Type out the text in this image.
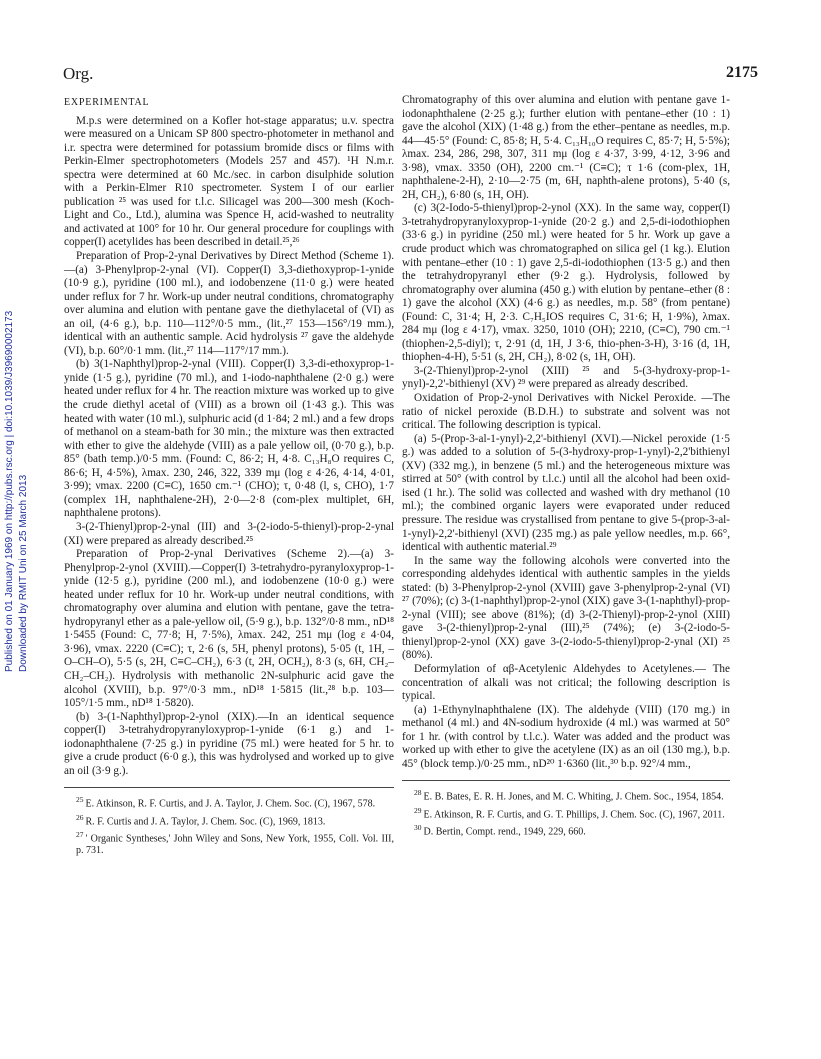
Org.	2175
Published on 01 January 1969 on http://pubs.rsc.org | doi:10.1039/J39690002173 Downloaded by RMIT Uni on 25 March 2013
EXPERIMENTAL

M.p.s were determined on a Kofler hot-stage apparatus; u.v. spectra were measured on a Unicam SP 800 spectro-photometer in methanol and i.r. spectra were determined for potassium bromide discs or films with Perkin-Elmer spectrophotometers (Models 257 and 457). ¹H N.m.r. spectra were determined at 60 Mc./sec. in carbon disulphide solution with a Perkin-Elmer R10 spectrometer. System I of our earlier publication ²⁵ was used for t.l.c. Silicagel was 200—300 mesh (Koch-Light and Co., Ltd.), alumina was Spence H, acid-washed to neutrality and activated at 100° for 10 hr. Our general procedure for couplings with copper(I) acetylides has been described in detail.²⁵,²⁶

Preparation of Prop-2-ynal Derivatives by Direct Method (Scheme 1).—(a) 3-Phenylprop-2-ynal (VI). Copper(I) 3,3-diethoxyprop-1-ynide (10·9 g.), pyridine (100 ml.), and iodobenzene (11·0 g.) were heated under reflux for 7 hr. Work-up under neutral conditions, chromatography over alumina and elution with pentane gave the diethylacetal of (VI) as an oil, (4·6 g.), b.p. 110—112°/0·5 mm., (lit.,²⁷ 153—156°/19 mm.), identical with an authentic sample. Acid hydrolysis ²⁷ gave the aldehyde (VI), b.p. 60°/0·1 mm. (lit.,²⁷ 114—117°/17 mm.).

(b) 3(1-Naphthyl)prop-2-ynal (VIII). Copper(I) 3,3-di-ethoxyprop-1-ynide (1·5 g.), pyridine (70 ml.), and 1-iodo-naphthalene (2·0 g.) were heated under reflux for 4 hr. The reaction mixture was worked up to give the crude diethyl acetal of (VIII) as a brown oil (1·43 g.). This was heated with water (10 ml.), sulphuric acid (d 1·84; 2 ml.) and a few drops of methanol on a steam-bath for 30 min.; the mixture was then extracted with ether to give the aldehyde (VIII) as a pale yellow oil, (0·70 g.), b.p. 85° (bath temp.)/0·5 mm. (Found: C, 86·2; H, 4·8. C₁₃H₈O requires C, 86·6; H, 4·5%), λmax. 230, 246, 322, 339 mμ (log ε 4·26, 4·14, 4·01, 3·99); νmax. 2200 (C≡C), 1650 cm.⁻¹ (CHO); τ, 0·48 (l, s, CHO), 1·7 (complex 1H, naphthalene-2H), 2·0—2·8 (com-plex multiplet, 6H, naphthalene protons).

3-(2-Thienyl)prop-2-ynal (III) and 3-(2-iodo-5-thienyl)-prop-2-ynal (XI) were prepared as already described.²⁵

Preparation of Prop-2-ynal Derivatives (Scheme 2).—(a) 3-Phenylprop-2-ynol (XVIII).—Copper(I) 3-tetrahydro-pyranyloxyprop-1-ynide (12·5 g.), pyridine (200 ml.), and iodobenzene (10·0 g.) were heated under reflux for 10 hr. Work-up under neutral conditions, with chromatography over alumina and elution with pentane, gave the tetra-hydropyranyl ether as a pale-yellow oil, (5·9 g.), b.p. 132°/0·8 mm., nD¹⁸ 1·5455 (Found: C, 77·8; H, 7·5%), λmax. 242, 251 mμ (log ε 4·04, 3·96), νmax. 2220 (C≡C); τ, 2·6 (s, 5H, phenyl protons), 5·05 (t, 1H, –O–CH–O), 5·5 (s, 2H, C≡C–CH₂), 6·3 (t, 2H, OCH₂), 8·3 (s, 6H, CH₂–CH₂–CH₂). Hydrolysis with methanolic 2N-sulphuric acid gave the alcohol (XVIII), b.p. 97°/0·3 mm., nD¹⁸ 1·5815 (lit.,²⁸ b.p. 103—105°/1·5 mm., nD¹⁸ 1·5820).

(b) 3-(1-Naphthyl)prop-2-ynol (XIX).—In an identical sequence copper(I) 3-tetrahydropyranyloxyprop-1-ynide (6·1 g.) and 1-iodonaphthalene (7·25 g.) in pyridine (75 ml.) were heated for 5 hr. to give a crude product (6·0 g.), this was hydrolysed and worked up to give an oil (3·9 g.).

$^{25}$ E. Atkinson, R. F. Curtis, and J. A. Taylor, J. Chem. Soc. (C), 1967, 578.

$^{26}$ R. F. Curtis and J. A. Taylor, J. Chem. Soc. (C), 1969, 1813.

$^{27}$ ' Organic Syntheses,' John Wiley and Sons, New York, 1955, Coll. Vol. III, p. 731.

Chromatography of this over alumina and elution with pentane gave 1-iodonaphthalene (2·25 g.); further elution with pentane–ether (10 : 1) gave the alcohol (XIX) (1·48 g.) from the ether–pentane as needles, m.p. 44—45·5° (Found: C, 85·8; H, 5·4. C₁₃H₁₀O requires C, 85·7; H, 5·5%); λmax. 234, 286, 298, 307, 311 mμ (log ε 4·37, 3·99, 4·12, 3·96 and 3·98), νmax. 3350 (OH), 2200 cm.⁻¹ (C≡C); τ 1·6 (com-plex, 1H, naphthalene-2-H), 2·10—2·75 (m, 6H, naphth-alene protons), 5·40 (s, 2H, CH₂), 6·80 (s, 1H, OH).

(c) 3(2-Iodo-5-thienyl)prop-2-ynol (XX). In the same way, copper(I) 3-tetrahydropyranyloxyprop-1-ynide (20·2 g.) and 2,5-di-iodothiophen (33·6 g.) in pyridine (250 ml.) were heated for 5 hr. Work up gave a crude product which was chromatographed on silica gel (1 kg.). Elution with pentane–ether (10 : 1) gave 2,5-di-iodothiophen (13·5 g.) and then the tetrahydropyranyl ether (9·2 g.). Hydrolysis, followed by chromatography over alumina (450 g.) with elution by pentane–ether (8 : 1) gave the alcohol (XX) (4·6 g.) as needles, m.p. 58° (from pentane) (Found: C, 31·4; H, 2·3. C₇H₅IOS requires C, 31·6; H, 1·9%), λmax. 284 mμ (log ε 4·17), νmax. 3250, 1010 (OH); 2210, (C≡C), 790 cm.⁻¹ (thiophen-2,5-diyl); τ, 2·91 (d, 1H, J 3·6, thio-phen-3-H), 3·16 (d, 1H, thiophen-4-H), 5·51 (s, 2H, CH₂), 8·02 (s, 1H, OH).

3-(2-Thienyl)prop-2-ynol (XIII) ²⁵ and 5-(3-hydroxy-prop-1-ynyl)-2,2'-bithienyl (XV) ²⁹ were prepared as already described.

Oxidation of Prop-2-ynol Derivatives with Nickel Peroxide. —The ratio of nickel peroxide (B.D.H.) to substrate and solvent was not critical. The following description is typical.

(a) 5-(Prop-3-al-1-ynyl)-2,2'-bithienyl (XVI).—Nickel peroxide (1·5 g.) was added to a solution of 5-(3-hydroxy-prop-1-ynyl)-2,2'bithienyl (XV) (332 mg.), in benzene (5 ml.) and the heterogeneous mixture was stirred at 50° (with control by t.l.c.) until all the alcohol had been oxid-ised (1 hr.). The solid was collected and washed with dry methanol (10 ml.); the combined organic layers were evaporated under reduced pressure. The residue was crystallised from pentane to give 5-(prop-3-al-1-ynyl)-2,2'-bithienyl (XVI) (235 mg.) as pale yellow needles, m.p. 66°, identical with authentic material.²⁹

In the same way the following alcohols were converted into the corresponding aldehydes identical with authentic samples in the yields stated: (b) 3-Phenylprop-2-ynol (XVIII) gave 3-phenylprop-2-ynal (VI) ²⁷ (70%); (c) 3-(1-naphthyl)prop-2-ynol (XIX) gave 3-(1-naphthyl)-prop-2-ynal (VIII); see above (81%); (d) 3-(2-Thienyl)-prop-2-ynol (XIII) gave 3-(2-thienyl)prop-2-ynal (III),²⁵ (74%); (e) 3-(2-iodo-5-thienyl)prop-2-ynol (XX) gave 3-(2-iodo-5-thienyl)prop-2-ynal (XI) ²⁵ (80%).

Deformylation of αβ-Acetylenic Aldehydes to Acetylenes.— The concentration of alkali was not critical; the following description is typical.

(a) 1-Ethynylnaphthalene (IX). The aldehyde (VIII) (170 mg.) in methanol (4 ml.) and 4N-sodium hydroxide (4 ml.) was warmed at 50° for 1 hr. (with control by t.l.c.). Water was added and the product was worked up with ether to give the acetylene (IX) as an oil (130 mg.), b.p. 45° (block temp.)/0·25 mm., nD²⁰ 1·6360 (lit.,³⁰ b.p. 92°/4 mm.,

$^{28}$ E. B. Bates, E. R. H. Jones, and M. C. Whiting, J. Chem. Soc., 1954, 1854.

$^{29}$ E. Atkinson, R. F. Curtis, and G. T. Phillips, J. Chem. Soc. (C), 1967, 2011.

$^{30}$ D. Bertin, Compt. rend., 1949, 229, 660.
